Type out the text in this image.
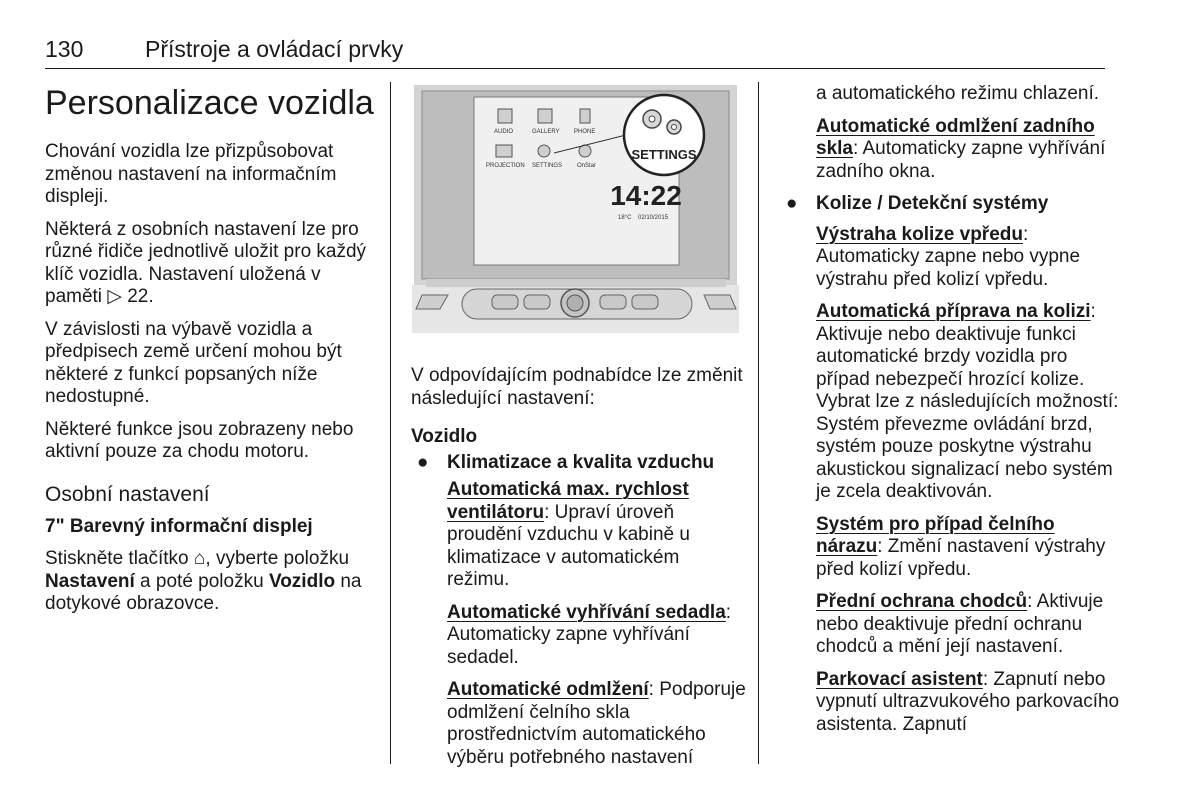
130	Přístroje a ovládací prvky
Personalizace vozidla

Chování vozidla lze přizpůsobovat změnou nastavení na informačním displeji.

Některá z osobních nastavení lze pro různé řidiče jednotlivě uložit pro každý klíč vozidla. Nastavení uložená v paměti ▷ 22.

V závislosti na výbavě vozidla a předpisech země určení mohou být některé z funkcí popsaných níže nedostupné.

Některé funkce jsou zobrazeny nebo aktivní pouze za chodu motoru.

Osobní nastavení

7" Barevný informační displej

Stiskněte tlačítko ⌂, vyberte položku Nastavení a poté položku Vozidlo na dotykové obrazovce.

AUDIO	GALLERY PHONE
PROJECTION SETTINGS OnStar
SETTINGS
14:22
18°C 02/10/2015

V odpovídajícím podnabídce lze změnit následující nastavení:

Vozidlo

● Klimatizace a kvalita vzduchu

Automatická max. rychlost ventilátoru: Upraví úroveň proudění vzduchu v kabině u klimatizace v automatickém režimu.

Automatické vyhřívání sedadla: Automaticky zapne vyhřívání sedadel.

Automatické odmlžení: Podporuje odmlžení čelního skla prostřednictvím automatického výběru potřebného nastavení

a automatického režimu chlazení.

Automatické odmlžení zadního skla: Automaticky zapne vyhřívání zadního okna.

● Kolize / Detekční systémy

Výstraha kolize vpředu: Automaticky zapne nebo vypne výstrahu před kolizí vpředu.

Automatická příprava na kolizi: Aktivuje nebo deaktivuje funkci automatické brzdy vozidla pro případ nebezpečí hrozící kolize. Vybrat lze z následujících možností: Systém převezme ovládání brzd, systém pouze poskytne výstrahu akustickou signalizací nebo systém je zcela deaktivován.

Systém pro případ čelního nárazu: Změní nastavení výstrahy před kolizí vpředu.

Přední ochrana chodců: Aktivuje nebo deaktivuje přední ochranu chodců a mění její nastavení.

Parkovací asistent: Zapnutí nebo vypnutí ultrazvukového parkovacího asistenta. Zapnutí
